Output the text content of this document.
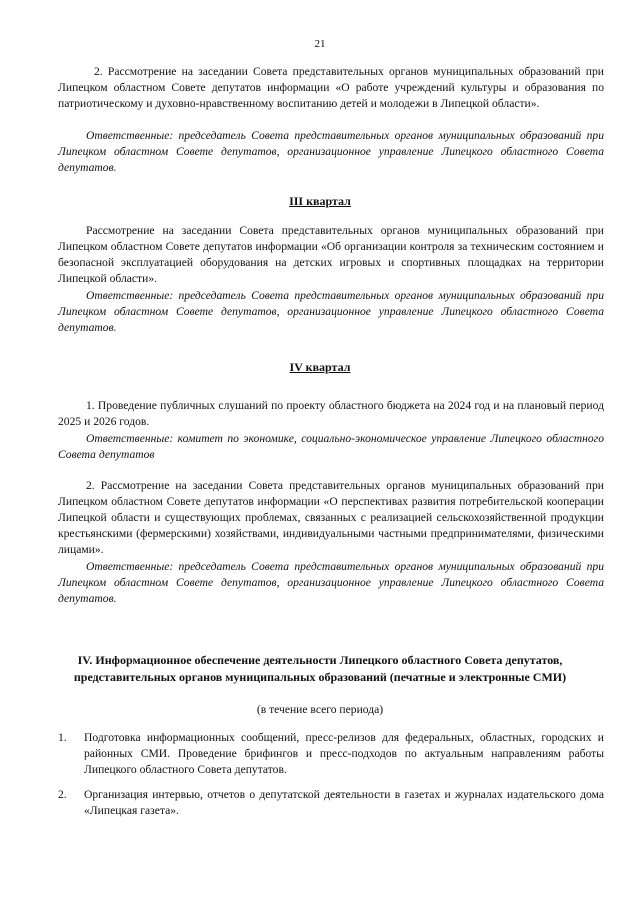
21

2. Рассмотрение на заседании Совета представительных органов муниципальных образований при Липецком областном Совете депутатов информации «О работе учреждений культуры и образования по патриотическому и духовно-нравственному воспитанию детей и молодежи в Липецкой области».

Ответственные: председатель Совета представительных органов муниципальных образований при Липецком областном Совете депутатов, организационное управление Липецкого областного Совета депутатов.

III квартал

Рассмотрение на заседании Совета представительных органов муниципальных образований при Липецком областном Совете депутатов информации «Об организации контроля за техническим состоянием и безопасной эксплуатацией оборудования на детских игровых и спортивных площадках на территории Липецкой области».

Ответственные: председатель Совета представительных органов муниципальных образований при Липецком областном Совете депутатов, организационное управление Липецкого областного Совета депутатов.

IV квартал

1. Проведение публичных слушаний по проекту областного бюджета на 2024 год и на плановый период 2025 и 2026 годов.

Ответственные: комитет по экономике, социально-экономическое управление Липецкого областного Совета депутатов

2. Рассмотрение на заседании Совета представительных органов муниципальных образований при Липецком областном Совете депутатов информации «О перспективах развития потребительской кооперации Липецкой области и существующих проблемах, связанных с реализацией сельскохозяйственной продукции крестьянскими (фермерскими) хозяйствами, индивидуальными частными предпринимателями, физическими лицами».

Ответственные: председатель Совета представительных органов муниципальных образований при Липецком областном Совете депутатов, организационное управление Липецкого областного Совета депутатов.

IV. Информационное обеспечение деятельности Липецкого областного Совета депутатов, представительных органов муниципальных образований (печатные и электронные СМИ)

(в течение всего периода)
1. Подготовка информационных сообщений, пресс-релизов для федеральных, областных, городских и районных СМИ. Проведение брифингов и пресс-подходов по актуальным направлениям работы Липецкого областного Совета депутатов.
2. Организация интервью, отчетов о депутатской деятельности в газетах и журналах издательского дома «Липецкая газета».
